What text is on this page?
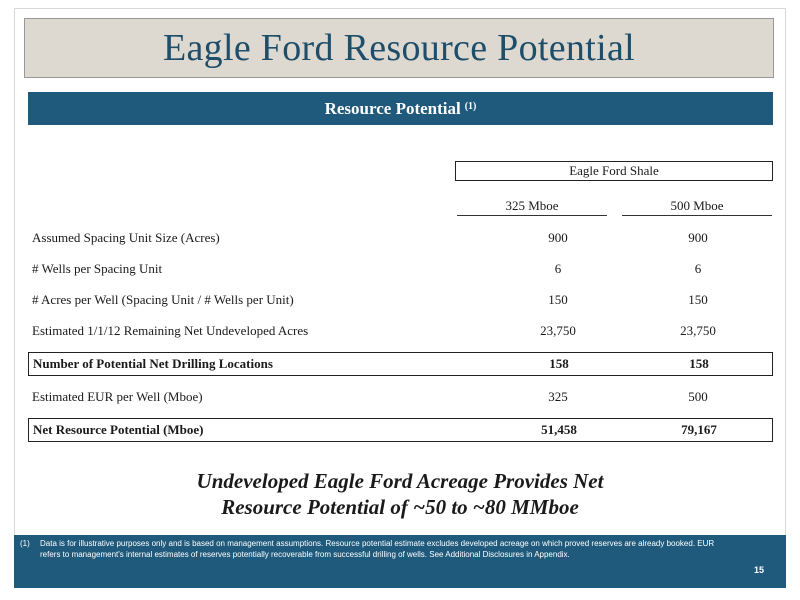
Eagle Ford Resource Potential
Resource Potential $^{(1)}$
Eagle Ford Shale
325 Mboe	500 Mboe
Assumed Spacing Unit Size (Acres)	900	900
# Wells per Spacing Unit	6	6
# Acres per Well (Spacing Unit / # Wells per Unit)	150	150
Estimated 1/1/12 Remaining Net Undeveloped Acres	23,750	23,750
Number of Potential Net Drilling Locations	158	158
Estimated EUR per Well (Mboe)	325	500
Net Resource Potential (Mboe)	51,458	79,167
Undeveloped Eagle Ford Acreage Provides Net
Resource Potential of ~50 to ~80 MMboe
(1) Data is for illustrative purposes only and is based on management assumptions. Resource potential estimate excludes developed acreage on which proved reserves are already booked. EUR refers to management's internal estimates of reserves potentially recoverable from successful drilling of wells. See Additional Disclosures in Appendix.
15
